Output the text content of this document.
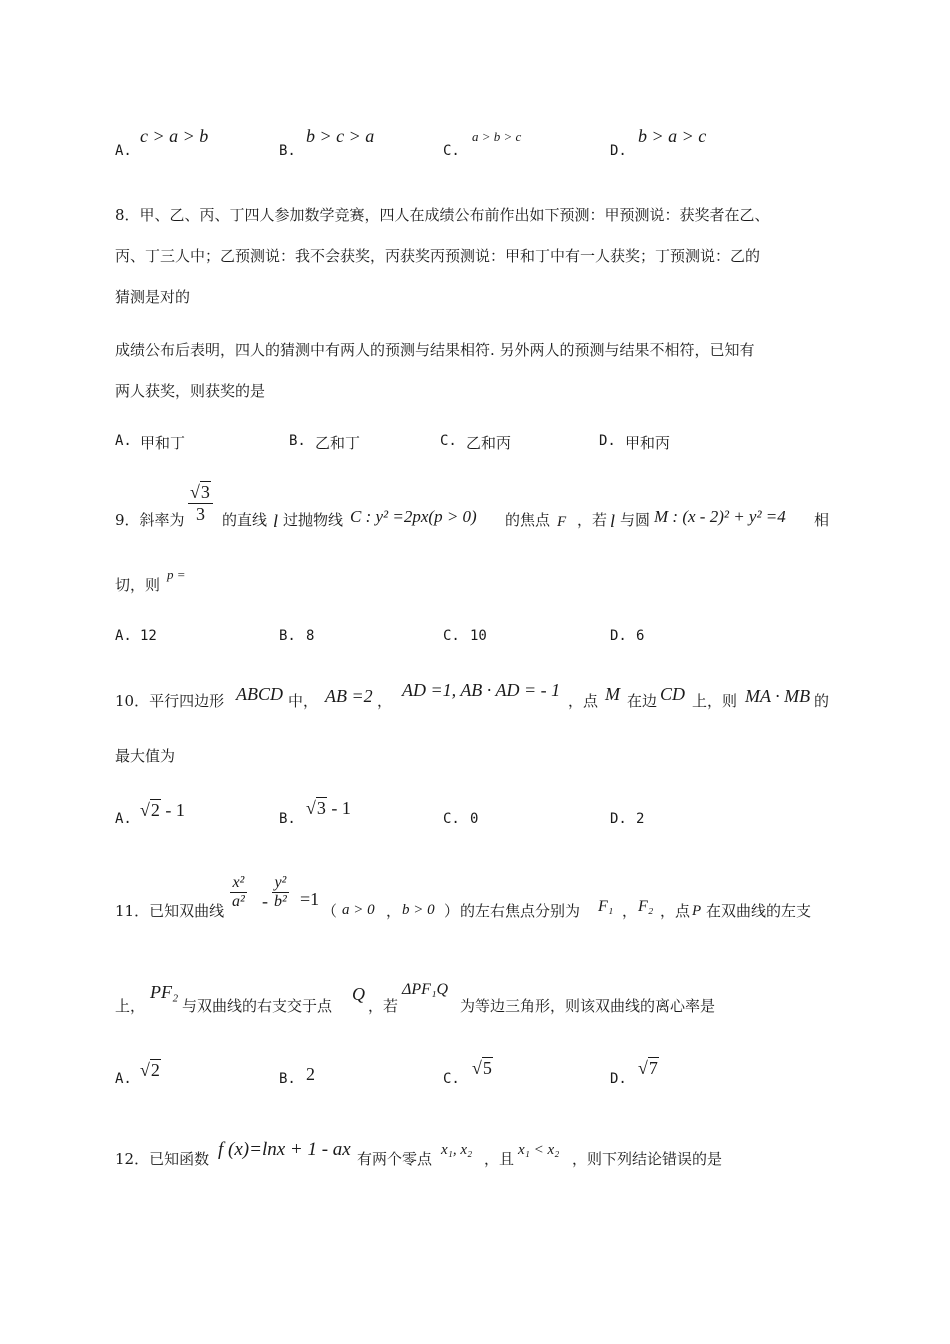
A.
c > a > b
B.
b > c > a
C.
a > b > c
D.
b > a > c
8．甲、乙、丙、丁四人参加数学竞赛，四人在成绩公布前作出如下预测：甲预测说：获奖者在乙、
丙、丁三人中；乙预测说：我不会获奖，丙获奖丙预测说：甲和丁中有一人获奖；丁预测说：乙的
猜测是对的
成绩公布后表明，四人的猜测中有两人的预测与结果相符. 另外两人的预测与结果不相符，已知有
两人获奖，则获奖的是
A. 甲和丁	B. 乙和丁	C. 乙和丙	D. 甲和丙
9．斜率为 $\frac{√3}{3}$ 的直线 l 过抛物线 C : y² =2px(p > 0) 的焦点 F ，若 l 与圆 M : (x - 2)² + y² =4 相
切，则
p =
A. 12	B. 8	C. 10	D. 6
10．平行四边形 ABCD 中， AB =2 ，
AD =1, AB · AD = - 1
，点 M 在边 CD 上，则 MA · MB 的
最大值为
A. √2 - 1	B.
√3 - 1
C. 0	D. 2
11．已知双曲线 $\frac{\text{x²}}{\text{a²}} - \frac{\text{y²}}{\text{b²}} =1$
（ a > 0 ， b > 0 ） 的左右焦点分别为 F₁ ， F₂ ，点 P 在双曲线的左支
上，
PF₂
与双曲线的右支交于点
Q
，若
ΔPF₁Q
为等边三角形，则该双曲线的离心率是
A. √2	B. 2	C.
√5
D.
√7
12．已知函数 f (x)=lnx + 1 - ax 有两个零点 x₁, x₂ ，且 x₁ < x₂ ，则下列结论错误的是
